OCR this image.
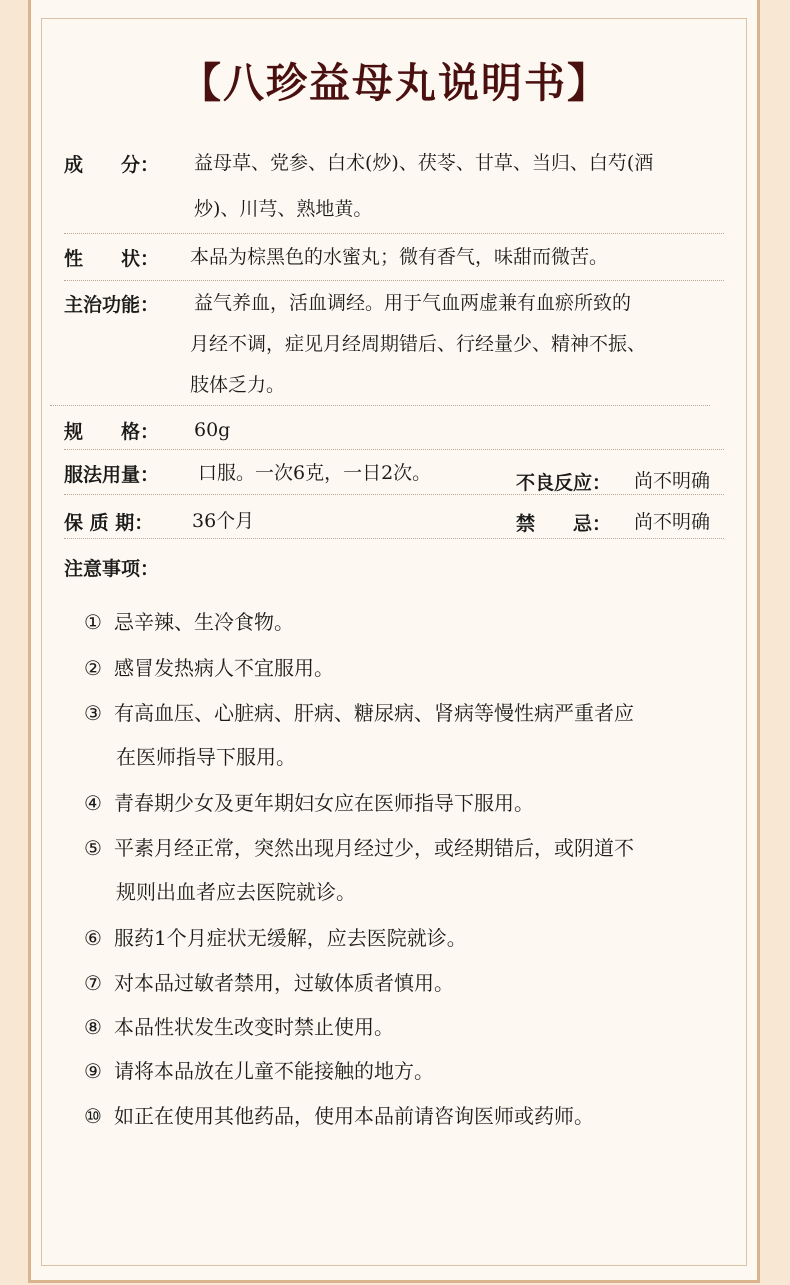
【八珍益母丸说明书】
成　　分： 益母草、党参、白术(炒)、茯苓、甘草、当归、白芍(酒
炒)、川芎、熟地黄。
性　　状： 本品为棕黑色的水蜜丸；微有香气，味甜而微苦。
主治功能： 益气养血，活血调经。用于气血两虚兼有血瘀所致的
月经不调，症见月经周期错后、行经量少、精神不振、
肢体乏力。
规　　格： 60g
服法用量： 口服。一次6克，一日2次。	不良反应： 尚不明确
保 质 期： 36个月	禁　　忌： 尚不明确
注意事项：
① 忌辛辣、生冷食物。
② 感冒发热病人不宜服用。
③ 有高血压、心脏病、肝病、糖尿病、肾病等慢性病严重者应
在医师指导下服用。
④ 青春期少女及更年期妇女应在医师指导下服用。
⑤ 平素月经正常，突然出现月经过少，或经期错后，或阴道不
规则出血者应去医院就诊。
⑥ 服药1个月症状无缓解，应去医院就诊。
⑦ 对本品过敏者禁用，过敏体质者慎用。
⑧ 本品性状发生改变时禁止使用。
⑨ 请将本品放在儿童不能接触的地方。
⑩ 如正在使用其他药品，使用本品前请咨询医师或药师。
